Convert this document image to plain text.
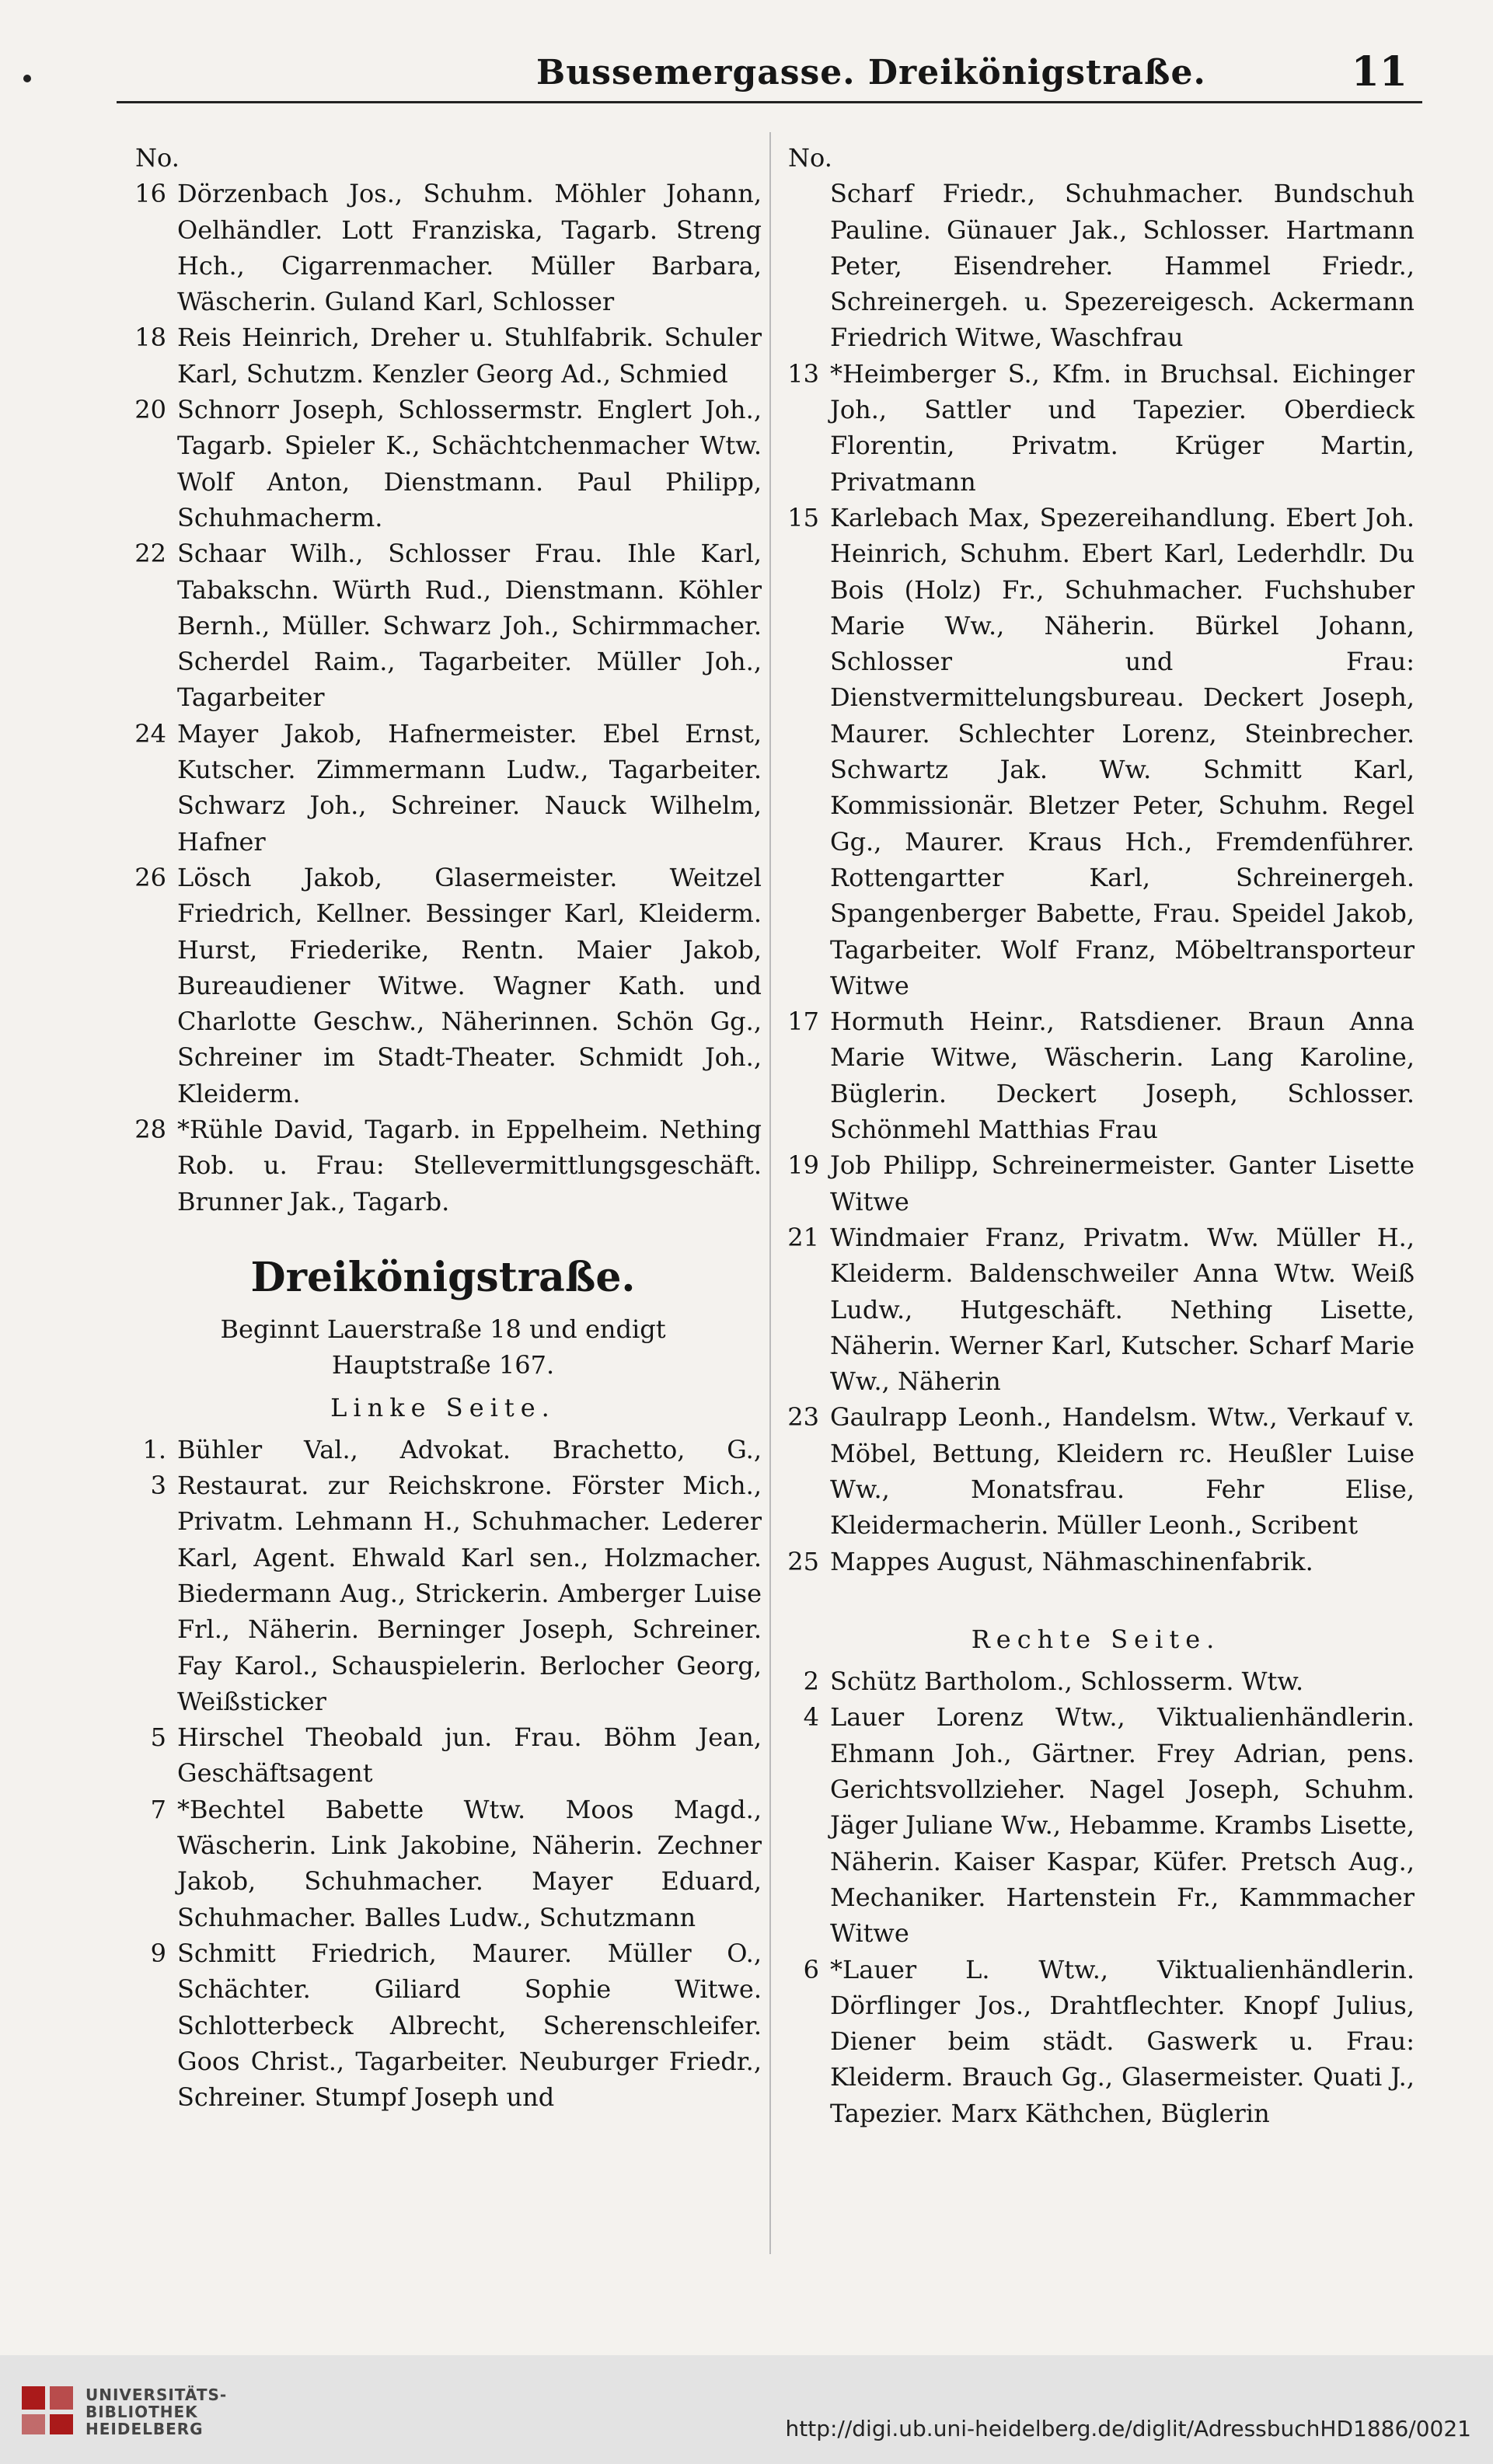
Bussemergasse. Dreikönigstraße.	11
No.
16 Dörzenbach Jos., Schuhm. Möhler Johann, Oelhändler. Lott Franziska, Tagarb. Streng Hch., Cigarrenmacher. Müller Barbara, Wäscherin. Guland Karl, Schlosser
18 Reis Heinrich, Dreher u. Stuhlfabrik. Schuler Karl, Schutzm. Kenzler Georg Ad., Schmied
20 Schnorr Joseph, Schlossermstr. Englert Joh., Tagarb. Spieler K., Schächtchenmacher Wtw. Wolf Anton, Dienstmann. Paul Philipp, Schuhmacherm.
22 Schaar Wilh., Schlosser Frau. Ihle Karl, Tabakschn. Würth Rud., Dienstmann. Köhler Bernh., Müller. Schwarz Joh., Schirmmacher. Scherdel Raim., Tagarbeiter. Müller Joh., Tagarbeiter
24 Mayer Jakob, Hafnermeister. Ebel Ernst, Kutscher. Zimmermann Ludw., Tagarbeiter. Schwarz Joh., Schreiner. Nauck Wilhelm, Hafner
26 Lösch Jakob, Glasermeister. Weitzel Friedrich, Kellner. Bessinger Karl, Kleiderm. Hurst, Friederike, Rentn. Maier Jakob, Bureaudiener Witwe. Wagner Kath. und Charlotte Geschw., Näherinnen. Schön Gg., Schreiner im Stadt-Theater. Schmidt Joh., Kleiderm.
28 *Rühle David, Tagarb. in Eppelheim. Nething Rob. u. Frau: Stellevermittlungsgeschäft. Brunner Jak., Tagarb.
Dreikönigstraße.
Beginnt Lauerstraße 18 und endigt Hauptstraße 167.
Linke Seite.
1. 3
Bühler Val., Advokat. Brachetto, G., Restaurat. zur Reichskrone. Förster Mich., Privatm. Lehmann H., Schuhmacher. Lederer Karl, Agent. Ehwald Karl sen., Holzmacher. Biedermann Aug., Strickerin. Amberger Luise Frl., Näherin. Berninger Joseph, Schreiner. Fay Karol., Schauspielerin. Berlocher Georg, Weißsticker
5 Hirschel Theobald jun. Frau. Böhm Jean, Geschäftsagent
7 *Bechtel Babette Wtw. Moos Magd., Wäscherin. Link Jakobine, Näherin. Zechner Jakob, Schuhmacher. Mayer Eduard, Schuhmacher. Balles Ludw., Schutzmann
9 Schmitt Friedrich, Maurer. Müller O., Schächter. Giliard Sophie Witwe. Schlotterbeck Albrecht, Scherenschleifer. Goos Christ., Tagarbeiter. Neuburger Friedr., Schreiner. Stumpf Joseph und
No.
Scharf Friedr., Schuhmacher. Bundschuh Pauline. Günauer Jak., Schlosser. Hartmann Peter, Eisendreher. Hammel Friedr., Schreinergeh. u. Spezereigesch. Ackermann Friedrich Witwe, Waschfrau
13 *Heimberger S., Kfm. in Bruchsal. Eichinger Joh., Sattler und Tapezier. Oberdieck Florentin, Privatm. Krüger Martin, Privatmann
15 Karlebach Max, Spezereihandlung. Ebert Joh. Heinrich, Schuhm. Ebert Karl, Lederhdlr. Du Bois (Holz) Fr., Schuhmacher. Fuchshuber Marie Ww., Näherin. Bürkel Johann, Schlosser und Frau: Dienstvermittelungsbureau. Deckert Joseph, Maurer. Schlechter Lorenz, Steinbrecher. Schwartz Jak. Ww. Schmitt Karl, Kommissionär. Bletzer Peter, Schuhm. Regel Gg., Maurer. Kraus Hch., Fremdenführer. Rottengartter Karl, Schreinergeh. Spangenberger Babette, Frau. Speidel Jakob, Tagarbeiter. Wolf Franz, Möbeltransporteur Witwe
17 Hormuth Heinr., Ratsdiener. Braun Anna Marie Witwe, Wäscherin. Lang Karoline, Büglerin. Deckert Joseph, Schlosser. Schönmehl Matthias Frau
19 Job Philipp, Schreinermeister. Ganter Lisette Witwe
21 Windmaier Franz, Privatm. Ww. Müller H., Kleiderm. Baldenschweiler Anna Wtw. Weiß Ludw., Hutgeschäft. Nething Lisette, Näherin. Werner Karl, Kutscher. Scharf Marie Ww., Näherin
23 Gaulrapp Leonh., Handelsm. Wtw., Verkauf v. Möbel, Bettung, Kleidern rc. Heußler Luise Ww., Monatsfrau. Fehr Elise, Kleidermacherin. Müller Leonh., Scribent
25 Mappes August, Nähmaschinenfabrik.
Rechte Seite.
2 Schütz Bartholom., Schlosserm. Wtw.
4 Lauer Lorenz Wtw., Viktualienhändlerin. Ehmann Joh., Gärtner. Frey Adrian, pens. Gerichtsvollzieher. Nagel Joseph, Schuhm. Jäger Juliane Ww., Hebamme. Krambs Lisette, Näherin. Kaiser Kaspar, Küfer. Pretsch Aug., Mechaniker. Hartenstein Fr., Kammmacher Witwe
6 *Lauer L. Wtw., Viktualienhändlerin. Dörflinger Jos., Drahtflechter. Knopf Julius, Diener beim städt. Gaswerk u. Frau: Kleiderm. Brauch Gg., Glasermeister. Quati J., Tapezier. Marx Käthchen, Büglerin
UNIVERSITÄTS-
BIBLIOTHEK
HEIDELBERG	http://digi.ub.uni-heidelberg.de/diglit/AdressbuchHD1886/0021
